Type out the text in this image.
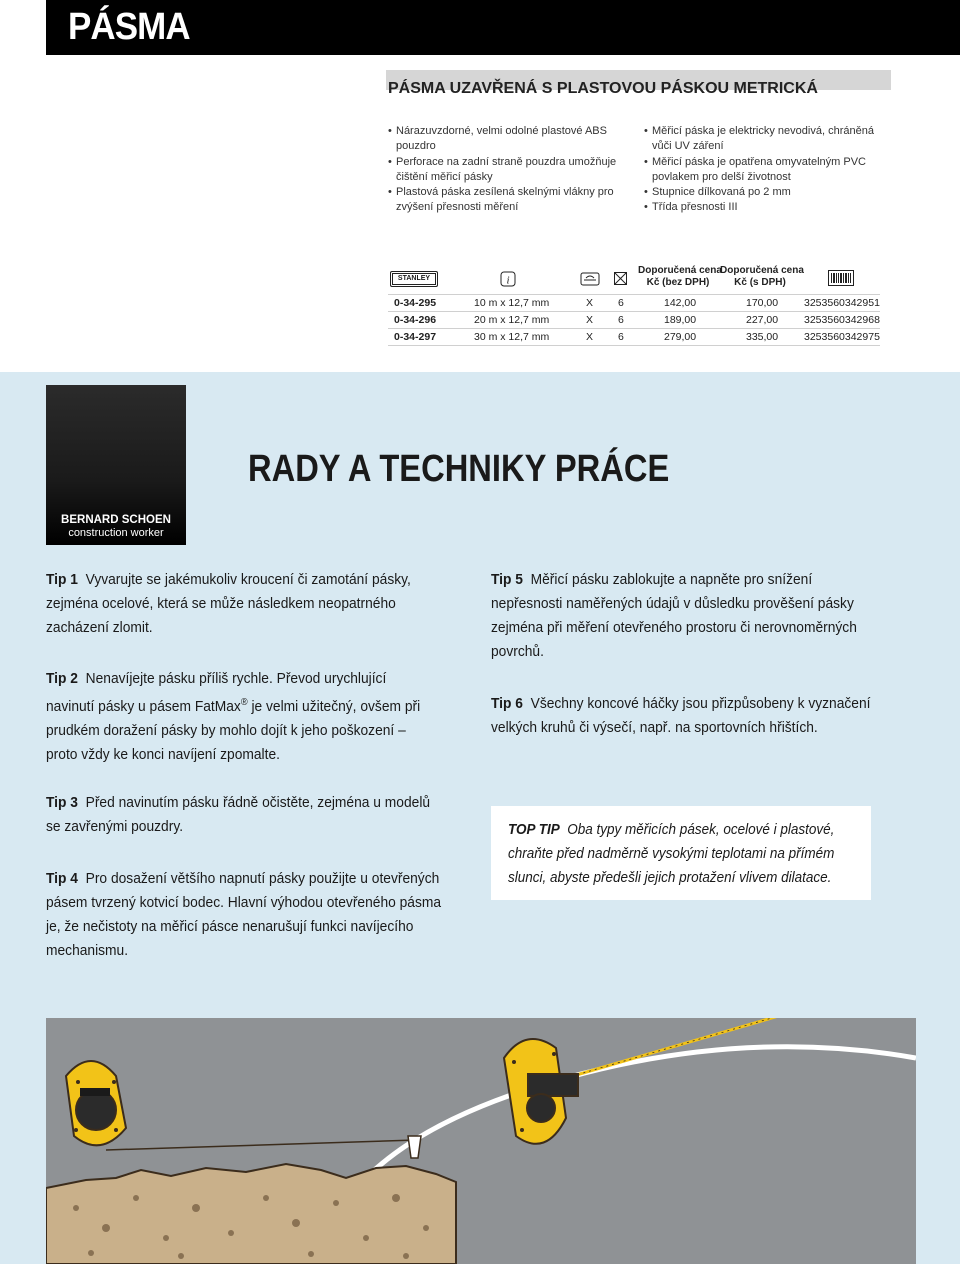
PÁSMA
PÁSMA UZAVŘENÁ S PLASTOVOU PÁSKOU METRICKÁ
• Nárazuvzdorné, velmi odolné plastové ABS pouzdro
• Perforace na zadní straně pouzdra umožňuje čištění měřicí pásky
• Plastová páska zesílená skelnými vlákny pro zvýšení přesnosti měření
• Měřicí páska je elektricky nevodivá, chráněná vůči UV záření
• Měřicí páska je opatřena omyvatelným PVC povlakem pro delší životnost
• Stupnice dílkovaná po 2 mm
• Třída přesnosti III
STANLEY	i
Doporučená cena
Kč (bez DPH)
Doporučená cena
Kč (s DPH)
0-34-295	10 m x 12,7 mm	X 6	142,00	170,00 3253560342951
0-34-296	20 m x 12,7 mm	X 6	189,00	227,00 3253560342968
0-34-297	30 m x 12,7 mm	X 6	279,00	335,00 3253560342975
BERNARD SCHOEN
construction worker
RADY A TECHNIKY PRÁCE
Tip 1 Vyvarujte se jakémukoliv kroucení či zamotání pásky, zejména ocelové, která se může následkem neopatrného zacházení zlomit.
Tip 2 Nenavíjejte pásku příliš rychle. Převod urychlující navinutí pásky u pásem FatMax® je velmi užitečný, ovšem při prudkém doražení pásky by mohlo dojít k jeho poškození – proto vždy ke konci navíjení zpomalte.
Tip 3 Před navinutím pásku řádně očistěte, zejména u modelů se zavřenými pouzdry.
Tip 4 Pro dosažení většího napnutí pásky použijte u otevřených pásem tvrzený kotvicí bodec. Hlavní výhodou otevřeného pásma je, že nečistoty na měřicí pásce nenarušují funkci navíjecího mechanismu.
Tip 5 Měřicí pásku zablokujte a napněte pro snížení nepřesnosti naměřených údajů v důsledku prověšení pásky zejména při měření otevřeného prostoru či nerovnoměrných povrchů.
Tip 6 Všechny koncové háčky jsou přizpůsobeny k vyznačení velkých kruhů či výsečí, např. na sportovních hřištích.
TOP TIP Oba typy měřicích pásek, ocelové i plastové, chraňte před nadměrně vysokými teplotami na přímém slunci, abyste předešli jejich protažení vlivem dilatace.
